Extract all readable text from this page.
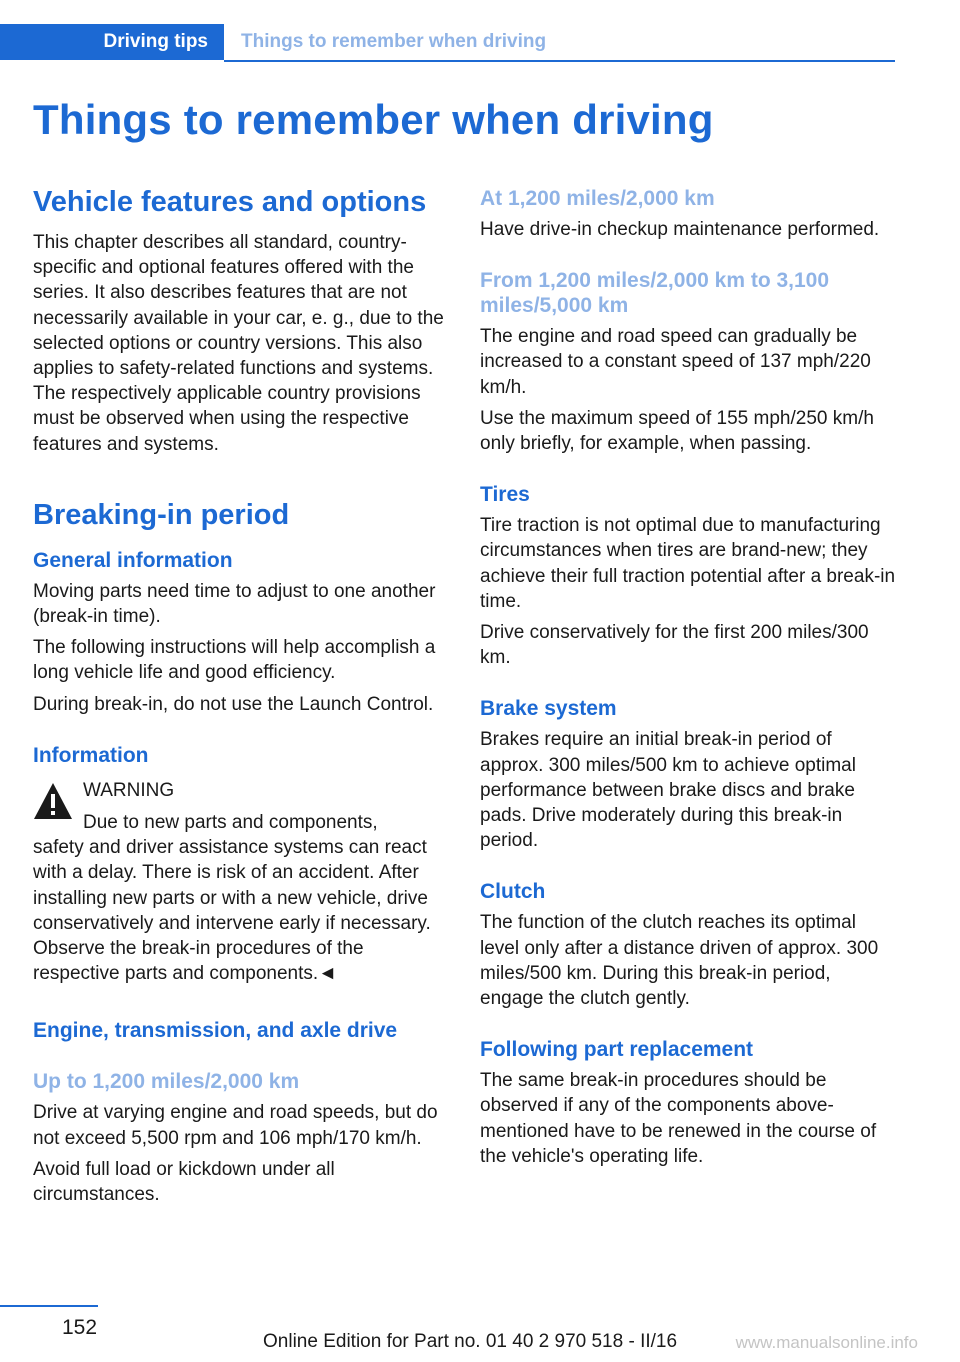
Driving tips	Things to remember when driving
Things to remember when driving
Vehicle features and options

This chapter describes all standard, country-specific and optional features offered with the series. It also describes features that are not necessarily available in your car, e. g., due to the selected options or country versions. This also applies to safety-related functions and systems. The respectively applicable country provisions must be observed when using the respective features and systems.

Breaking-in period
General information

Moving parts need time to adjust to one another (break-in time).

The following instructions will help accomplish a long vehicle life and good efficiency.

During break-in, do not use the Launch Control.

Information

WARNING

Due to new parts and components,

safety and driver assistance systems can react with a delay. There is risk of an accident. After installing new parts or with a new vehicle, drive conservatively and intervene early if necessary. Observe the break-in procedures of the respective parts and components.◄

Engine, transmission, and axle drive
Up to 1,200 miles/2,000 km

Drive at varying engine and road speeds, but do not exceed 5,500 rpm and 106 mph/170 km/h.

Avoid full load or kickdown under all circumstances.

At 1,200 miles/2,000 km

Have drive-in checkup maintenance performed.

From 1,200 miles/2,000 km to 3,100 miles/5,000 km

The engine and road speed can gradually be increased to a constant speed of 137 mph/220 km/h.

Use the maximum speed of 155 mph/250 km/h only briefly, for example, when passing.

Tires

Tire traction is not optimal due to manufacturing circumstances when tires are brand-new; they achieve their full traction potential after a break-in time.

Drive conservatively for the first 200 miles/300 km.

Brake system

Brakes require an initial break-in period of approx. 300 miles/500 km to achieve optimal performance between brake discs and brake pads. Drive moderately during this break-in period.

Clutch

The function of the clutch reaches its optimal level only after a distance driven of approx. 300 miles/500 km. During this break-in period, engage the clutch gently.

Following part replacement

The same break-in procedures should be observed if any of the components above-mentioned have to be renewed in the course of the vehicle's operating life.

152
Online Edition for Part no. 01 40 2 970 518 - II/16	www.manualsonline.info
